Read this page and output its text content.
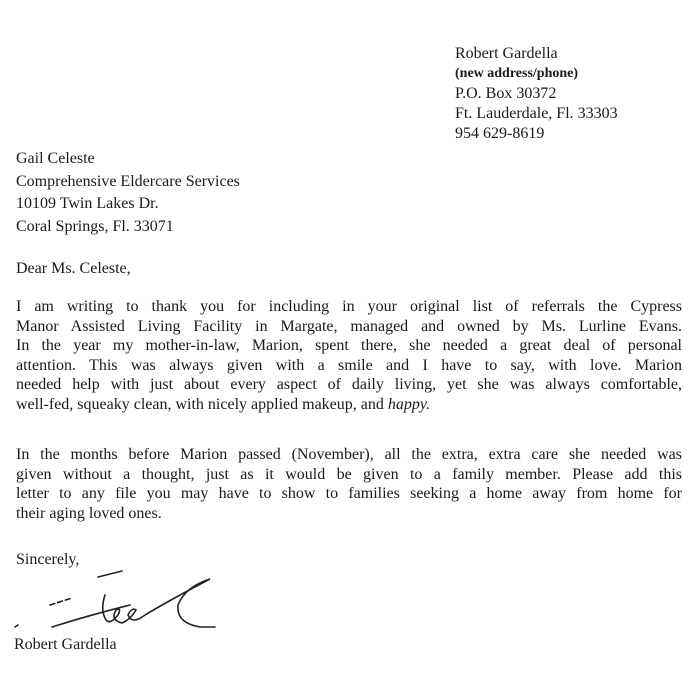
Robert Gardella
(new address/phone)
P.O. Box 30372
Ft. Lauderdale, Fl. 33303
954 629-8619
Gail Celeste
Comprehensive Eldercare Services
10109 Twin Lakes Dr.
Coral Springs, Fl. 33071
Dear Ms. Celeste,
I am writing to thank you for including in your original list of referrals the Cypress
Manor Assisted Living Facility in Margate, managed and owned by Ms. Lurline Evans.
In the year my mother-in-law, Marion, spent there, she needed a great deal of personal
attention. This was always given with a smile and I have to say, with love. Marion
needed help with just about every aspect of daily living, yet she was always comfortable,
well-fed, squeaky clean, with nicely applied makeup, and happy.
In the months before Marion passed (November), all the extra, extra care she needed was
given without a thought, just as it would be given to a family member. Please add this
letter to any file you may have to show to families seeking a home away from home for
their aging loved ones.
Sincerely,
Robert Gardella
